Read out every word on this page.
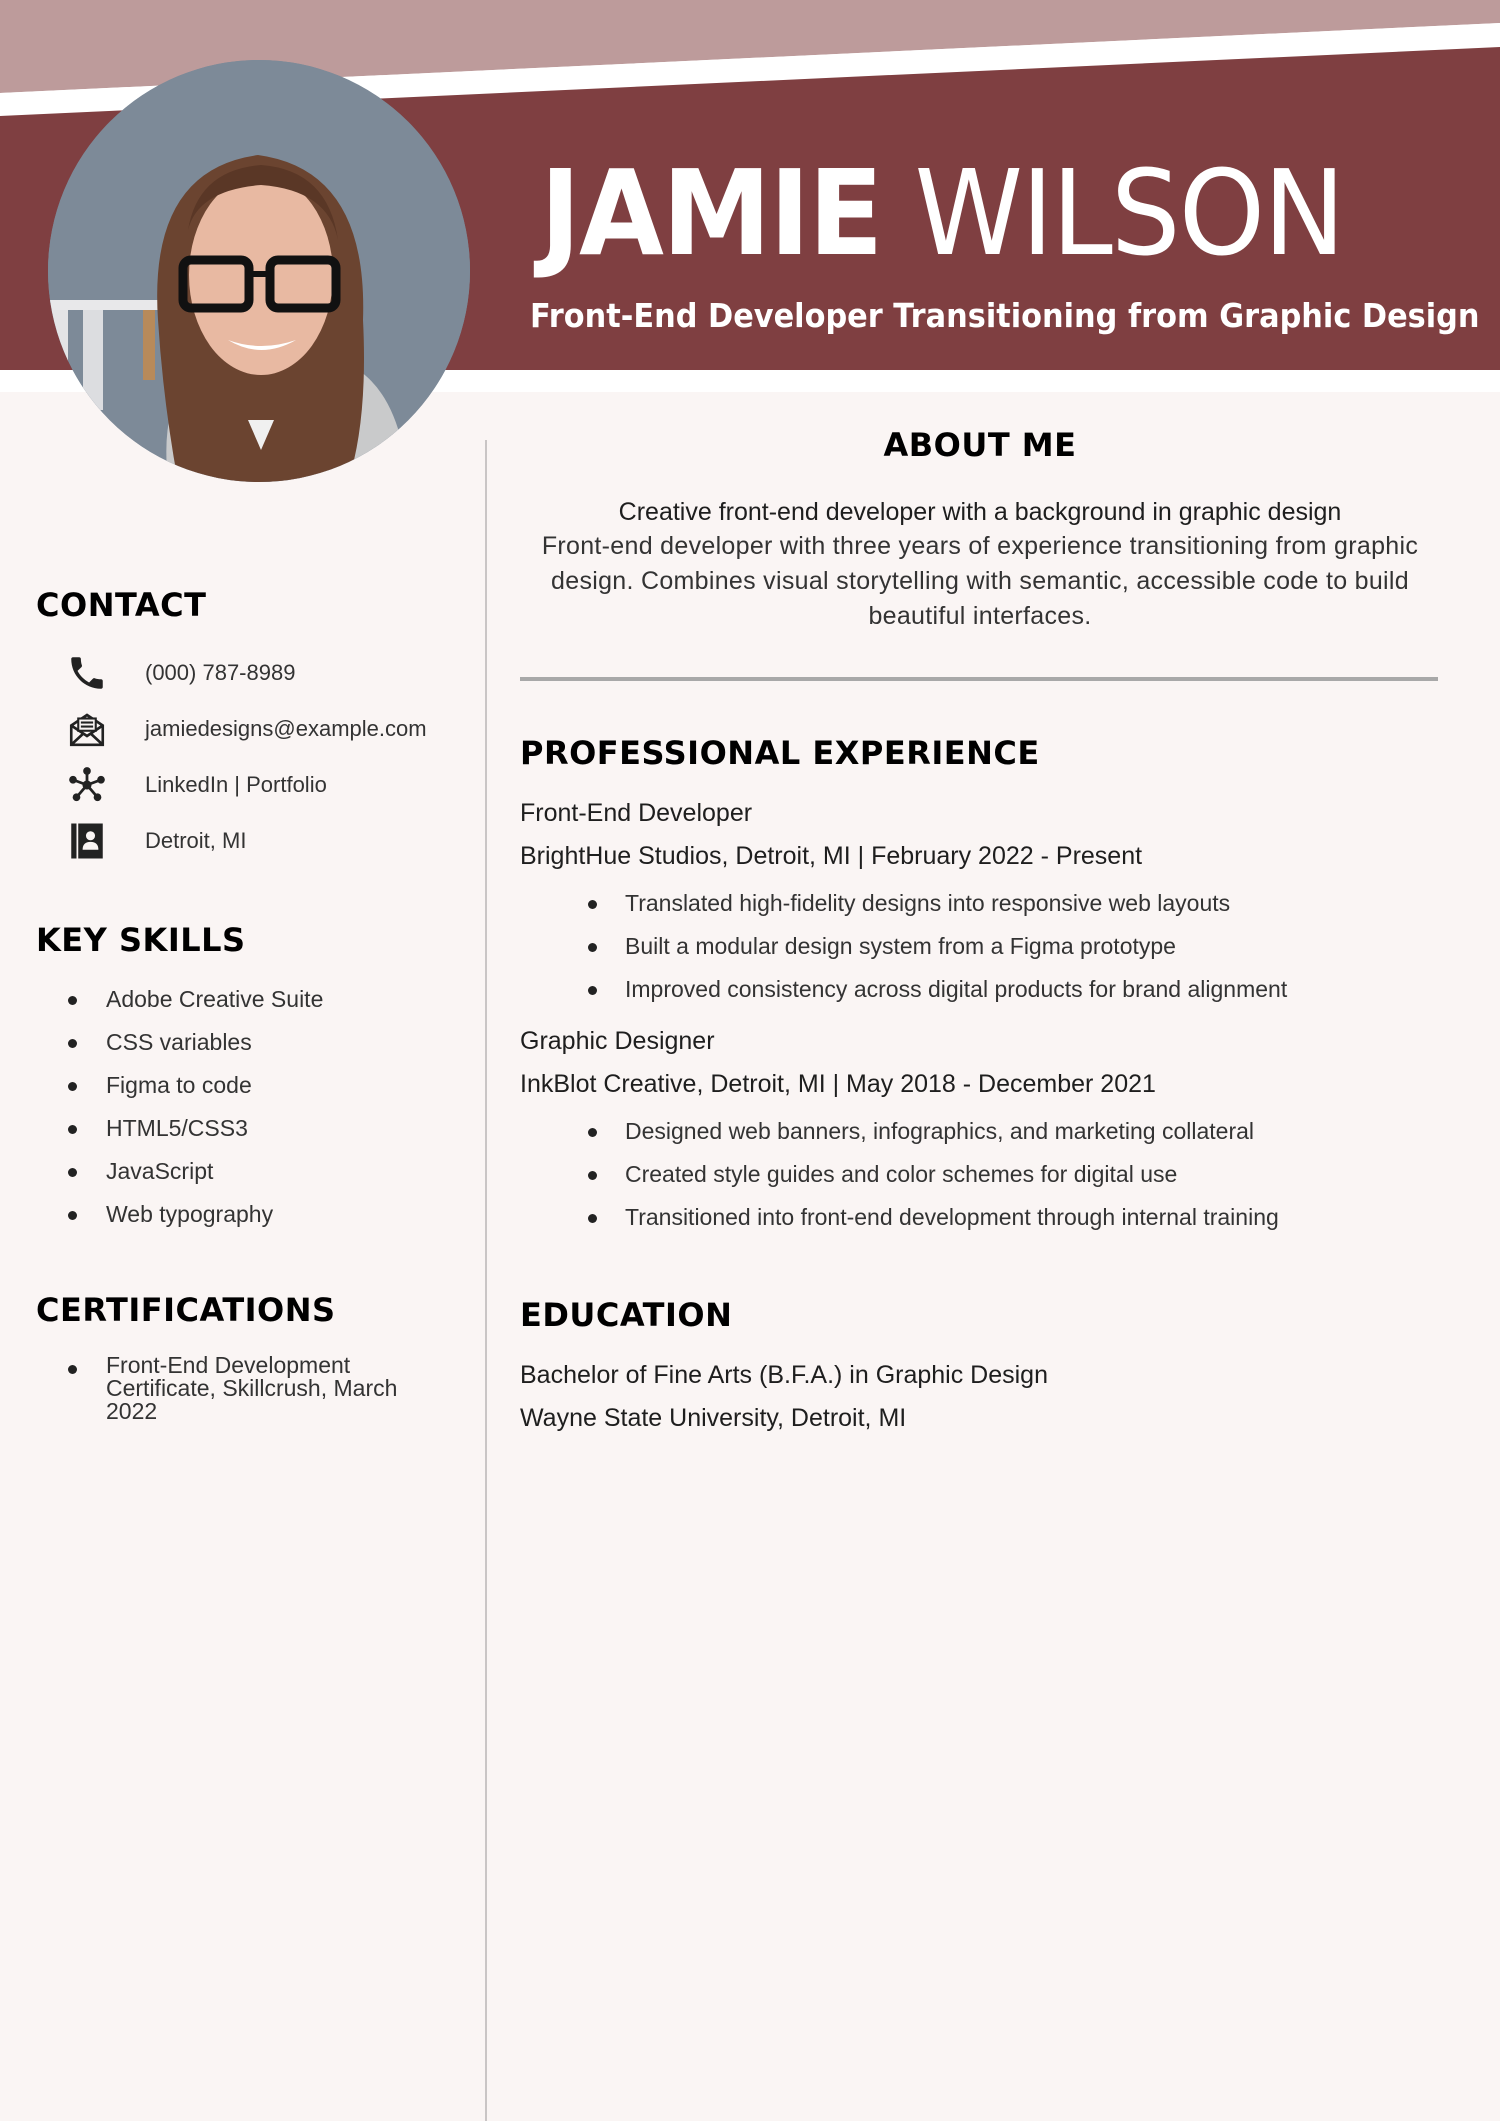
JAMIE WILSON
Front-End Developer Transitioning from Graphic Design
CONTACT
(000) 787-8989
jamiedesigns@example.com
LinkedIn | Portfolio
Detroit, MI
KEY SKILLS
Adobe Creative Suite
CSS variables
Figma to code
HTML5/CSS3
JavaScript
Web typography
CERTIFICATIONS
Front-End Development Certificate, Skillcrush, March 2022
ABOUT ME

Creative front-end developer with a background in graphic design

Front-end developer with three years of experience transitioning from graphic design. Combines visual storytelling with semantic, accessible code to build beautiful interfaces.

PROFESSIONAL EXPERIENCE
Front-End Developer
BrightHue Studios, Detroit, MI | February 2022 - Present
Translated high-fidelity designs into responsive web layouts
Built a modular design system from a Figma prototype
Improved consistency across digital products for brand alignment
Graphic Designer
InkBlot Creative, Detroit, MI | May 2018 - December 2021
Designed web banners, infographics, and marketing collateral
Created style guides and color schemes for digital use
Transitioned into front-end development through internal training
EDUCATION
Bachelor of Fine Arts (B.F.A.) in Graphic Design
Wayne State University, Detroit, MI
